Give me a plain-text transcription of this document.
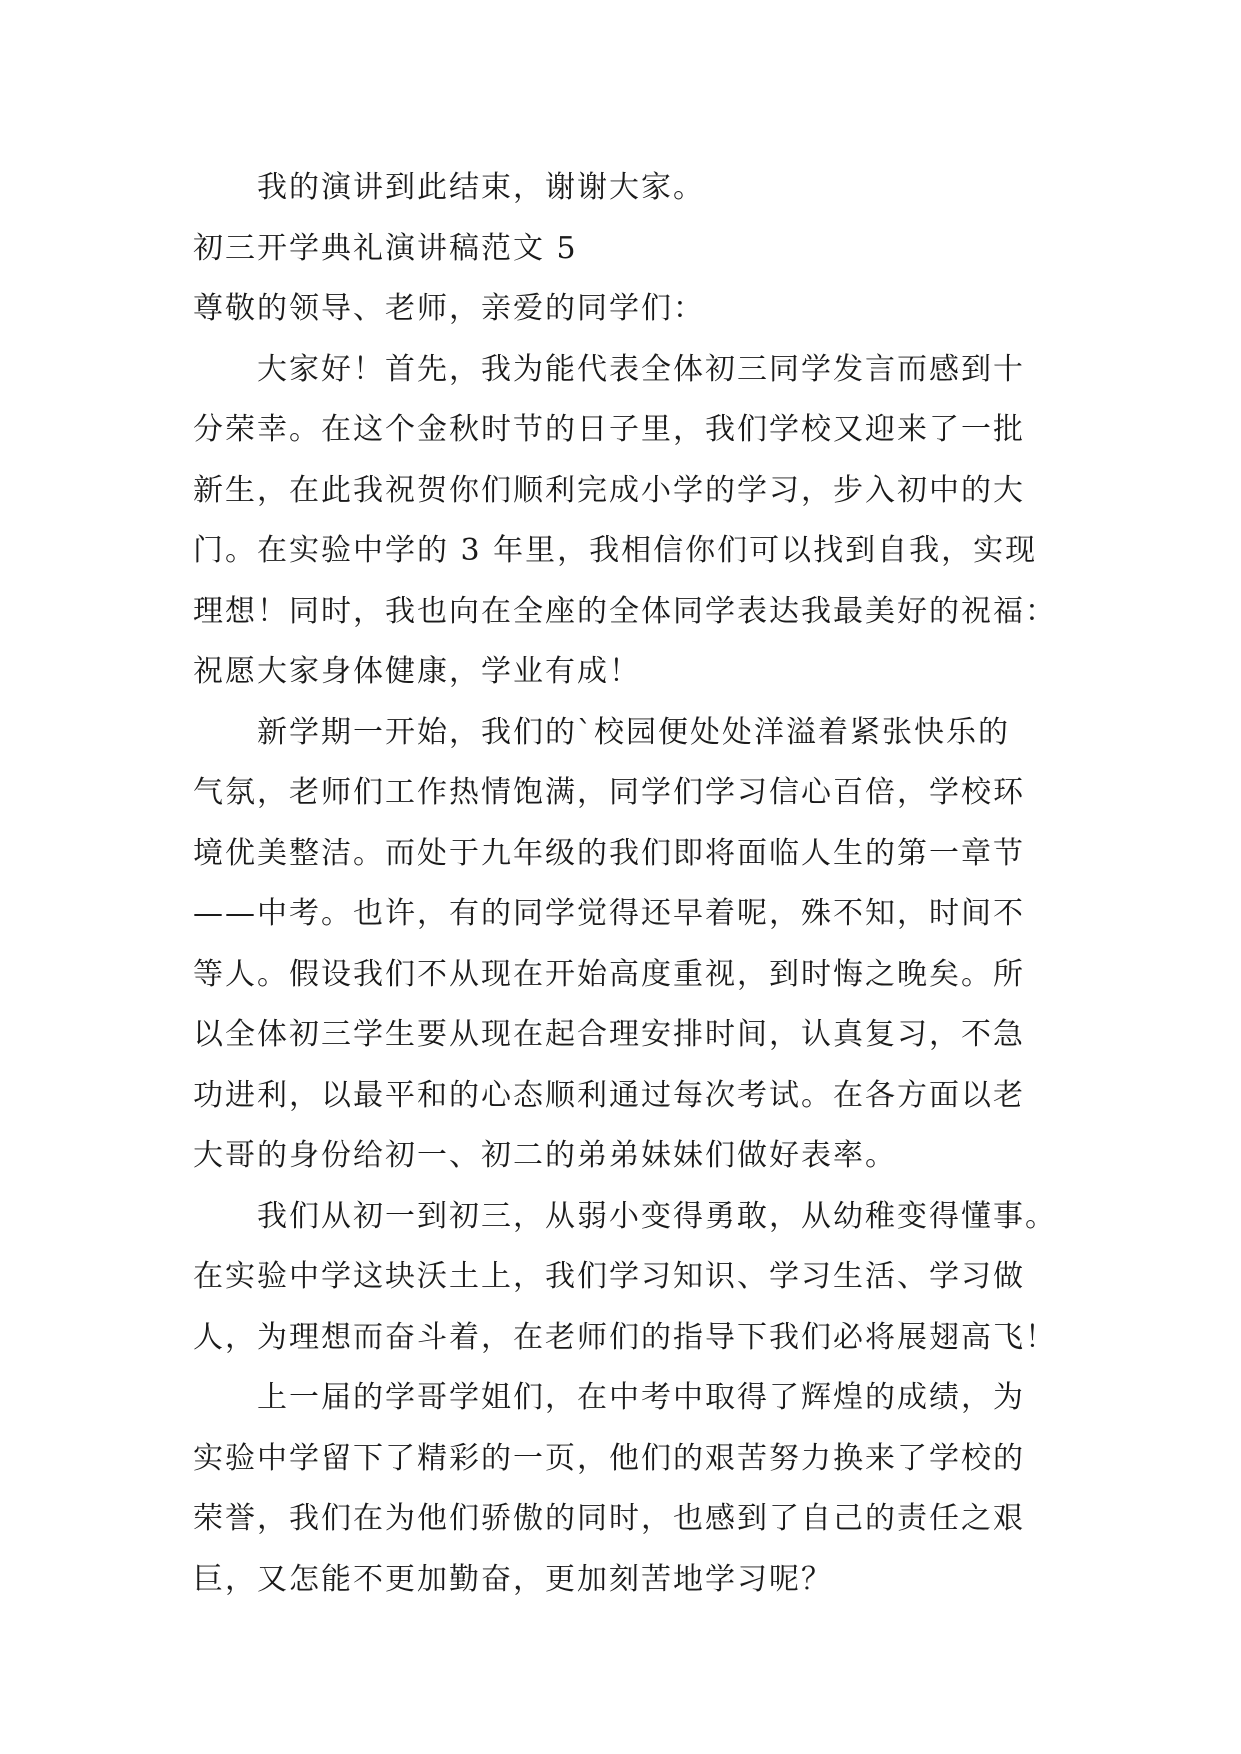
我的演讲到此结束，谢谢大家。

初三开学典礼演讲稿范文 5

尊敬的领导、老师，亲爱的同学们：

大家好！首先，我为能代表全体初三同学发言而感到十

分荣幸。在这个金秋时节的日子里，我们学校又迎来了一批

新生，在此我祝贺你们顺利完成小学的学习，步入初中的大

门。在实验中学的 3 年里，我相信你们可以找到自我，实现

理想！同时，我也向在全座的全体同学表达我最美好的祝福：

祝愿大家身体健康，学业有成！

新学期一开始，我们的`校园便处处洋溢着紧张快乐的

气氛，老师们工作热情饱满，同学们学习信心百倍，学校环

境优美整洁。而处于九年级的我们即将面临人生的第一章节

——中考。也许，有的同学觉得还早着呢，殊不知，时间不

等人。假设我们不从现在开始高度重视，到时悔之晚矣。所

以全体初三学生要从现在起合理安排时间，认真复习，不急

功进利，以最平和的心态顺利通过每次考试。在各方面以老

大哥的身份给初一、初二的弟弟妹妹们做好表率。

我们从初一到初三，从弱小变得勇敢，从幼稚变得懂事。

在实验中学这块沃土上，我们学习知识、学习生活、学习做

人，为理想而奋斗着，在老师们的指导下我们必将展翅高飞！

上一届的学哥学姐们，在中考中取得了辉煌的成绩，为

实验中学留下了精彩的一页，他们的艰苦努力换来了学校的

荣誉，我们在为他们骄傲的同时，也感到了自己的责任之艰

巨，又怎能不更加勤奋，更加刻苦地学习呢？
